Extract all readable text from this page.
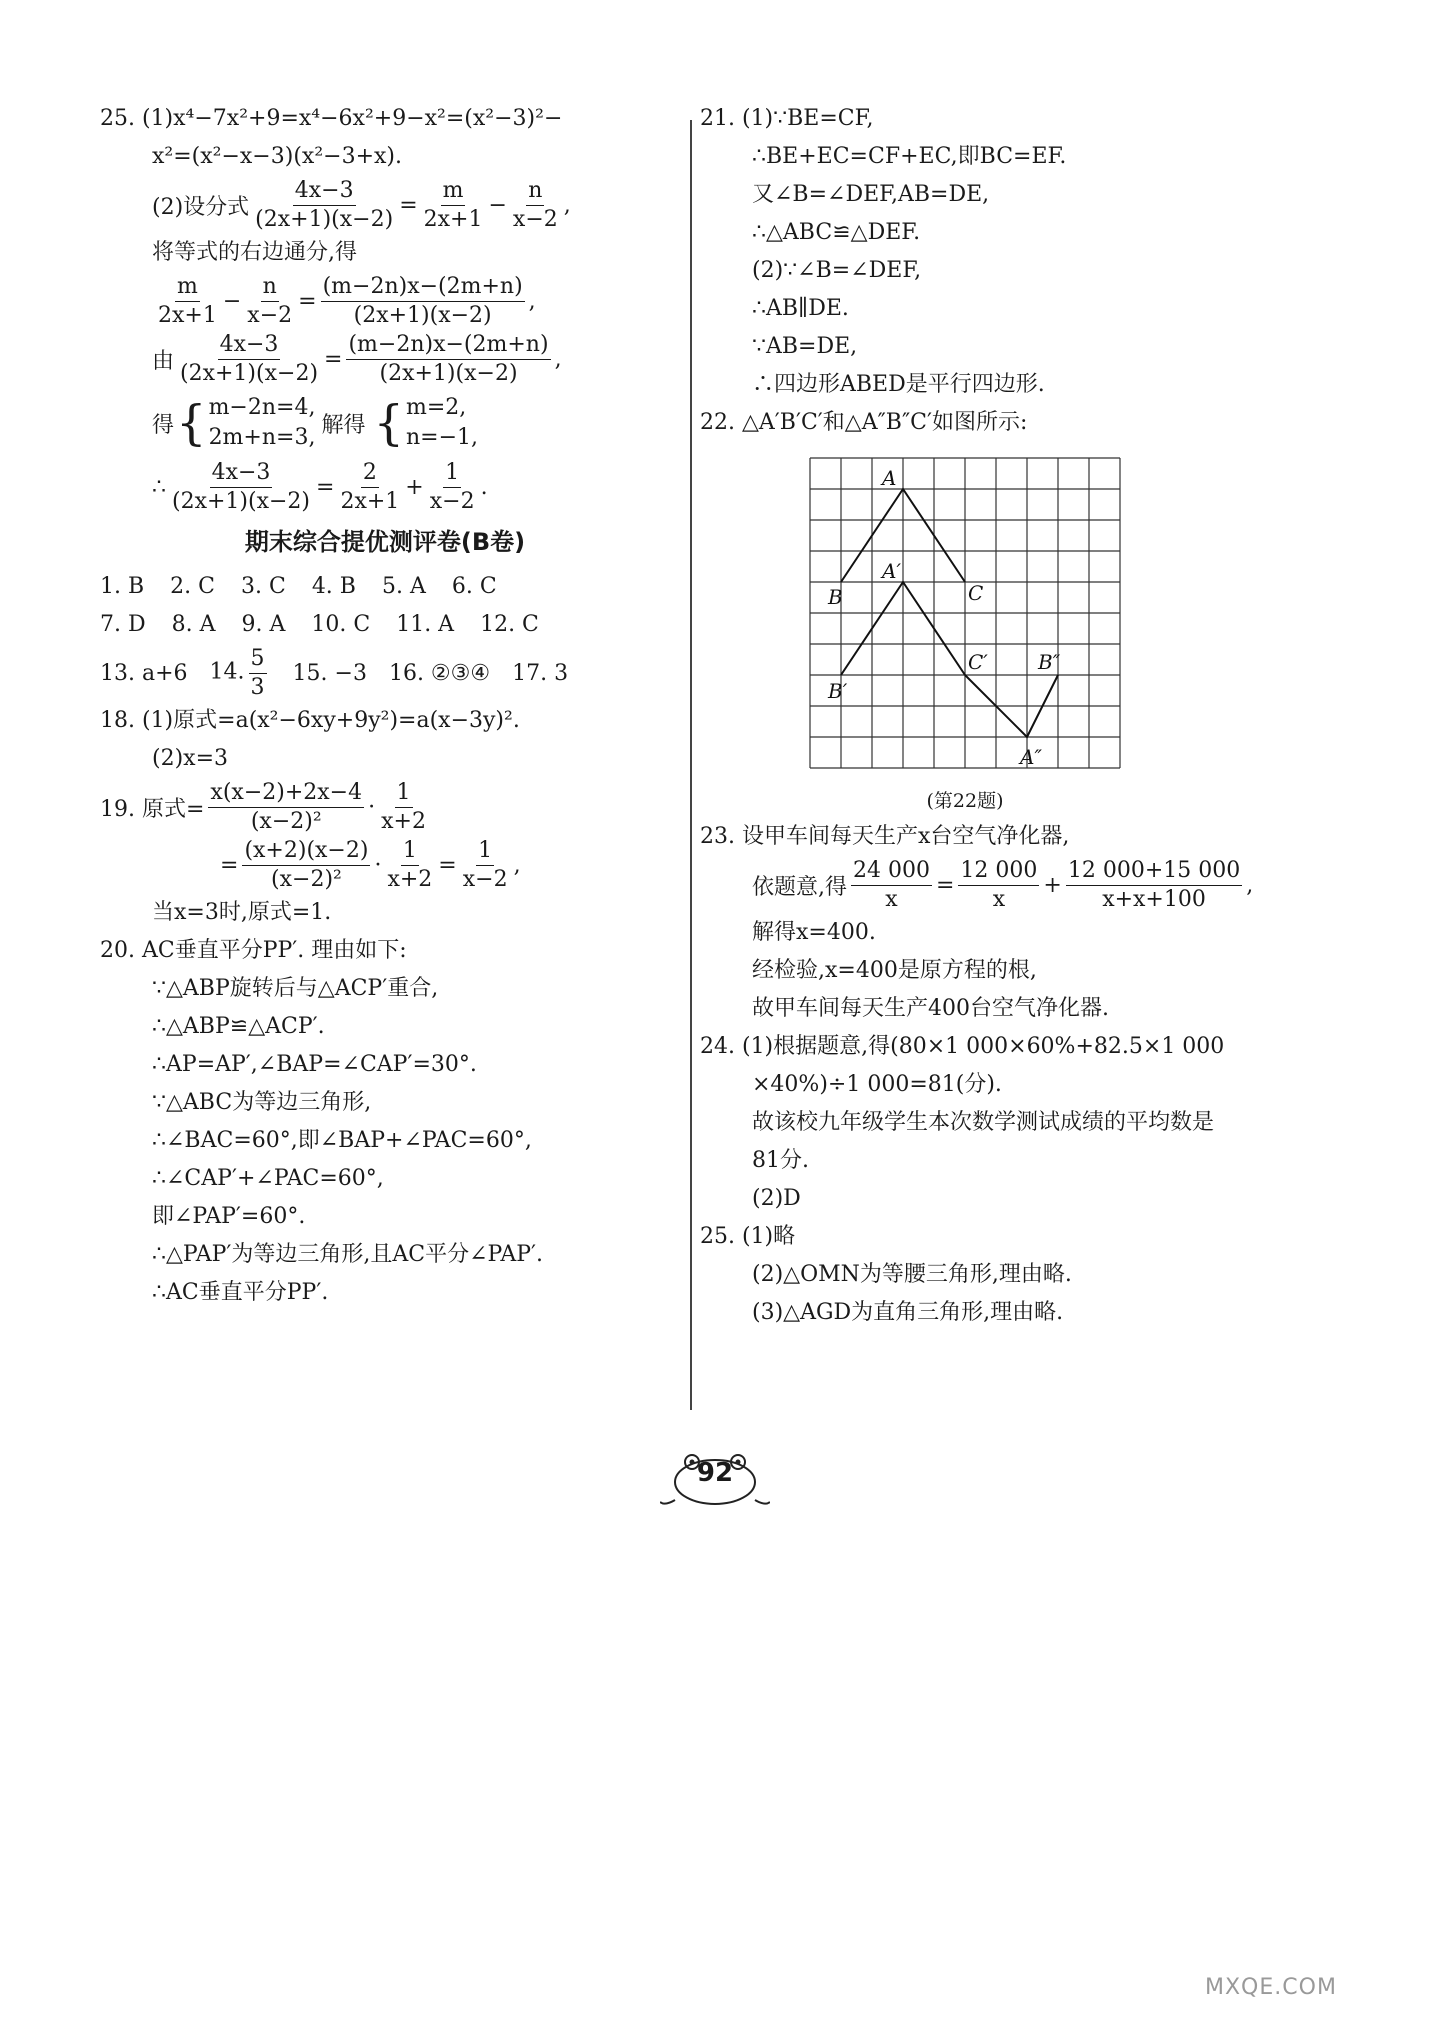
25. (1)x⁴−7x²+9=x⁴−6x²+9−x²=(x²−3)²−
x²=(x²−x−3)(x²−3+x).
(2)设分式 $\frac{4x-3}{(2x+1)(x-2)} = \frac{m}{2x+1} - \frac{n}{x-2}$ ,
将等式的右边通分,得
$\frac{m}{2x+1} - \frac{n}{x-2} = \frac{(m-2n)x-(2m+n)}{(2x+1)(x-2)}$ ,
由 $\frac{4x-3}{(2x+1)(x-2)} = \frac{(m-2n)x-(2m+n)}{(2x+1)(x-2)}$ ,
得 { m−2n=4,
2m+n=3, 解得 { m=2,
n=−1,
∴ $\frac{4x-3}{(2x+1)(x-2)} = \frac{2}{2x+1} + \frac{1}{x-2}$ .
期末综合提优测评卷(B卷)
1. B 2. C 3. C 4. B 5. A 6. C
7. D 8. A 9. A 10. C 11. A 12. C
13. a+6 14. $\frac{5}{3} 15$. −3 16. ②③④ 17. 3
18. (1)原式=a(x²−6xy+9y²)=a(x−3y)².
(2)x=3
19. 原式= $\frac{x(x-2)+2x-4}{\text{(x−2)²}} \cdot \frac{1}{x+2}$
= $\frac{(x+2)(x-2)}{\text{(x−2)²}} \cdot \frac{1}{x+2} = \frac{1}{x-2}$ ,
当x=3时,原式=1.
20. AC垂直平分PP′. 理由如下:
∵△ABP旋转后与△ACP′重合,
∴△ABP≌△ACP′.
∴AP=AP′,∠BAP=∠CAP′=30°.
∵△ABC为等边三角形,
∴∠BAC=60°,即∠BAP+∠PAC=60°,
∴∠CAP′+∠PAC=60°,
即∠PAP′=60°.
∴△PAP′为等边三角形,且AC平分∠PAP′.
∴AC垂直平分PP′.
21. (1)∵BE=CF,
∴BE+EC=CF+EC,即BC=EF.
又∠B=∠DEF,AB=DE,
∴△ABC≌△DEF.
(2)∵∠B=∠DEF,
∴AB∥DE.
∵AB=DE,
∴四边形ABED是平行四边形.
22. △A′B′C′和△A″B″C′如图所示:
A
B	C
A′
B′
C′	B″
A″
(第22题)
23. 设甲车间每天生产x台空气净化器,
依题意,得 $\frac{24 000}{x} = \frac{12 000}{x} + \frac{12 000+15 000}{x+x+100}$ ,
解得x=400.
经检验,x=400是原方程的根,
故甲车间每天生产400台空气净化器.
24. (1)根据题意,得(80×1 000×60%+82.5×1 000
×40%)÷1 000=81(分).
故该校九年级学生本次数学测试成绩的平均数是
81分.
(2)D
25. (1)略
(2)△OMN为等腰三角形,理由略.
(3)△AGD为直角三角形,理由略.
92
MXQE.COM
